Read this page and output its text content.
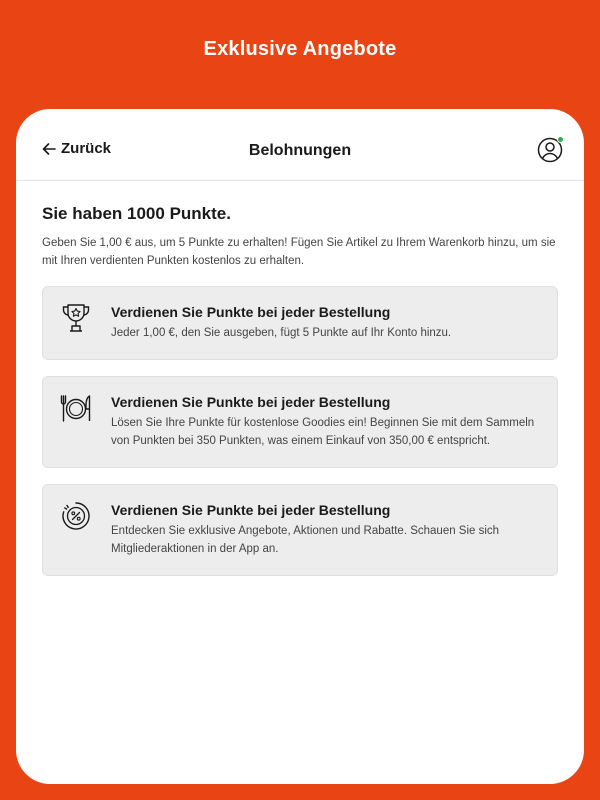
Exklusive Angebote
Zurück	Belohnungen
Sie haben 1000 Punkte.
Geben Sie 1,00 € aus, um 5 Punkte zu erhalten! Fügen Sie Artikel zu Ihrem Warenkorb hinzu, um sie mit Ihren verdienten Punkten kostenlos zu erhalten.
Verdienen Sie Punkte bei jeder Bestellung
Jeder 1,00 €, den Sie ausgeben, fügt 5 Punkte auf Ihr Konto hinzu.
Verdienen Sie Punkte bei jeder Bestellung
Lösen Sie Ihre Punkte für kostenlose Goodies ein! Beginnen Sie mit dem Sammeln von Punkten bei 350 Punkten, was einem Einkauf von 350,00 € entspricht.
Verdienen Sie Punkte bei jeder Bestellung
Entdecken Sie exklusive Angebote, Aktionen und Rabatte. Schauen Sie sich Mitgliederaktionen in der App an.
